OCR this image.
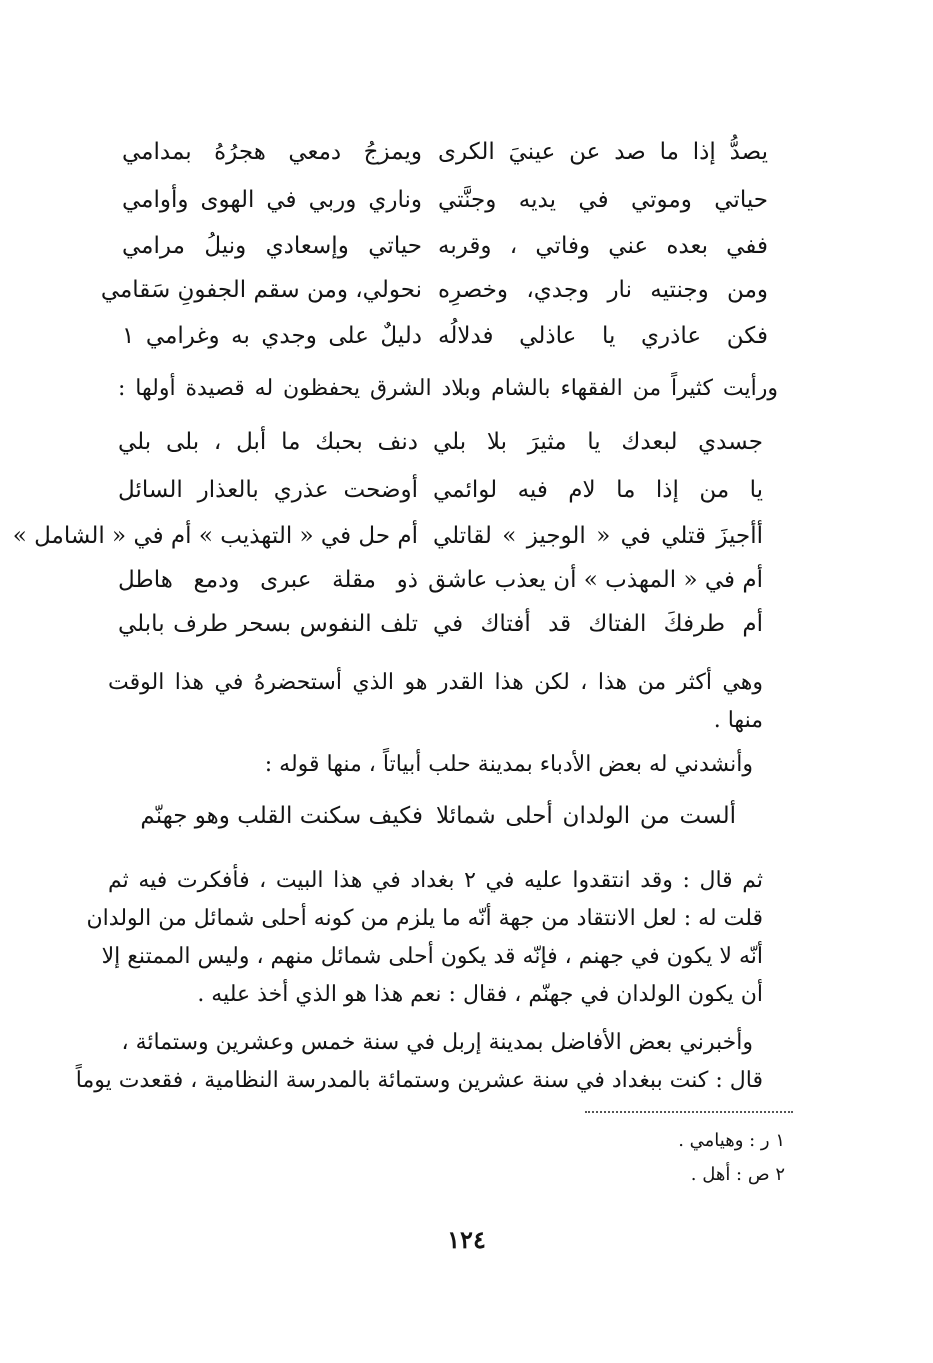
يصدُّ إذا ما صد عن عينيَ الكرى
ويمزجُ دمعي هجرُهُ بمدامي
حياتي وموتي في يديه وجنَّتي
وناري وربي في الهوى وأوامي
ففي بعده عني وفاتي ، وقربه
حياتي وإسعادي ونيلُ مرامي
ومن وجنتيه نار وجدي، وخصرِه
نحولي، ومن سقم الجفونِ سَقامي
فكن عاذري يا عاذلي فدلالُه
دليلٌ على وجدي به وغرامي ١
ورأيت كثيراً من الفقهاء بالشام وبلاد الشرق يحفظون له قصيدة أولها :
جسدي لبعدك يا مثيرَ بلا بلي
دنف بحبك ما أبل ، بلى بلي
يا من إذا ما لام فيه لوائمي
أوضحت عذري بالعذار السائل
أأجيزَ قتلي في « الوجيز » لقاتلي
أم حل في « التهذيب » أم في « الشامل »
أم في « المهذب » أن يعذب عاشق
ذو مقلة عبرى ودمع هاطل
أم طرفكَ الفتاك قد أفتاك في
تلف النفوس بسحر طرف بابلي
وهي أكثر من هذا ، لكن هذا القدر هو الذي أستحضرهُ في هذا الوقت
منها .
وأنشدني له بعض الأدباء بمدينة حلب أبياتاً ، منها قوله :
ألست من الولدان أحلى شمائلا
فكيف سكنت القلب وهو جهنّم
ثم قال : وقد انتقدوا عليه في ٢ بغداد في هذا البيت ، فأفكرت فيه ثم
قلت له : لعل الانتقاد من جهة أنّه ما يلزم من كونه أحلى شمائل من الولدان
أنّه لا يكون في جهنم ، فإنّه قد يكون أحلى شمائل منهم ، وليس الممتنع إلا
أن يكون الولدان في جهنّم ، فقال : نعم هذا هو الذي أخذ عليه .
وأخبرني بعض الأفاضل بمدينة إربل في سنة خمس وعشرين وستمائة ،
قال : كنت ببغداد في سنة عشرين وستمائة بالمدرسة النظامية ، فقعدت يوماً
١ ر : وهيامي .
٢ ص : أهل .
١٢٤
